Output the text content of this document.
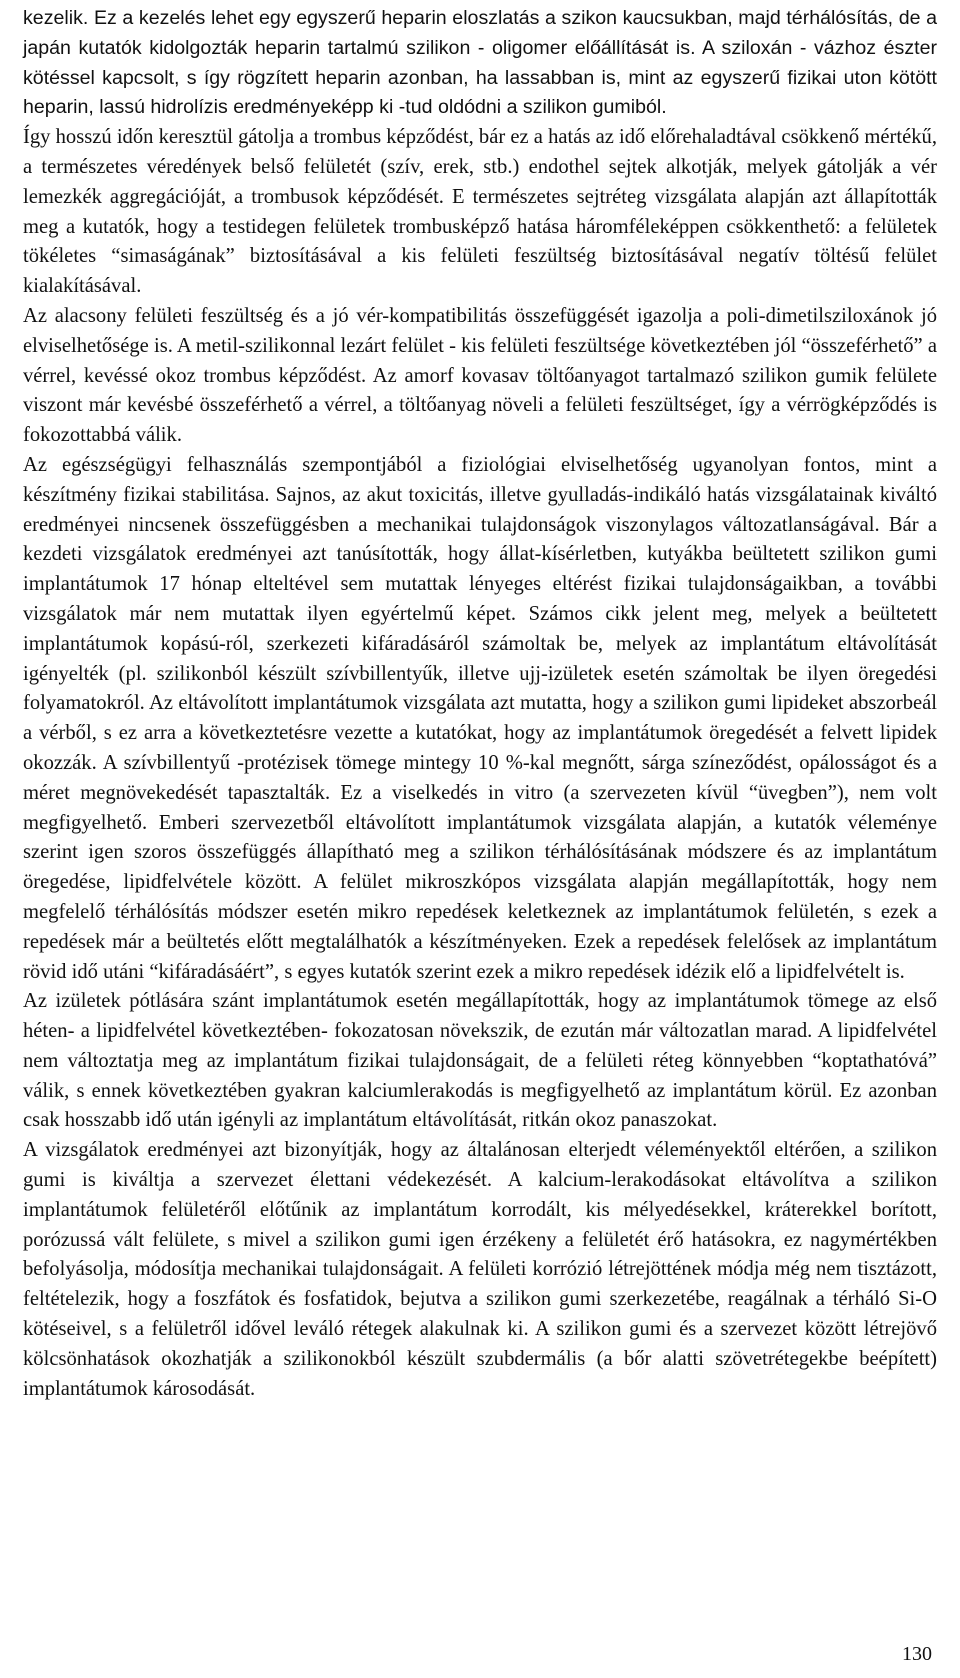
kezelik. Ez a kezelés lehet egy egyszerű heparin eloszlatás a szikon kaucsukban, majd térhálósítás, de a japán kutatók kidolgozták heparin tartalmú szilikon - oligomer előállítását is. A sziloxán - vázhoz észter kötéssel kapcsolt, s így rögzített heparin azonban, ha lassabban is, mint az egyszerű fizikai uton kötött heparin, lassú hidrolízis eredményeképp ki -tud oldódni a szilikon gumiból.

Így hosszú időn keresztül gátolja a trombus képződést, bár ez a hatás az idő előrehaladtával csökkenő mértékű, a természetes véredények belső felületét (szív, erek, stb.) endothel sejtek alkotják, melyek gátolják a vér lemezkék aggregációját, a trombusok képződését. E természetes sejtréteg vizsgálata alapján azt állapították meg a kutatók, hogy a testidegen felületek trombusképző hatása háromféleképpen csökkenthető: a felületek tökéletes “simaságának” biztosításával a kis felületi feszültség biztosításával negatív töltésű felület kialakításával.

Az alacsony felületi feszültség és a jó vér-kompatibilitás összefüggését igazolja a poli-dimetilsziloxánok jó elviselhetősége is. A metil-szilikonnal lezárt felület - kis felületi feszültsége következtében jól “összeférhető” a vérrel, kevéssé okoz trombus képződést. Az amorf kovasav töltőanyagot tartalmazó szilikon gumik felülete viszont már kevésbé összeférhető a vérrel, a töltőanyag növeli a felületi feszültséget, így a vérrögképződés is fokozottabbá válik.

Az egészségügyi felhasználás szempontjából a fiziológiai elviselhetőség ugyanolyan fontos, mint a készítmény fizikai stabilitása. Sajnos, az akut toxicitás, illetve gyulladás-indikáló hatás vizsgálatainak kiváltó eredményei nincsenek összefüggésben a mechanikai tulajdonságok viszonylagos változatlanságával. Bár a kezdeti vizsgálatok eredményei azt tanúsították, hogy állat-kísérletben, kutyákba beültetett szilikon gumi implantátumok 17 hónap elteltével sem mutattak lényeges eltérést fizikai tulajdonságaikban, a további vizsgálatok már nem mutattak ilyen egyértelmű képet. Számos cikk jelent meg, melyek a beültetett implantátumok kopású-ról, szerkezeti kifáradásáról számoltak be, melyek az implantátum eltávolítását igényelték (pl. szilikonból készült szívbillentyűk, illetve ujj-izületek esetén számoltak be ilyen öregedési folyamatokról. Az eltávolított implantátumok vizsgálata azt mutatta, hogy a szilikon gumi lipideket abszorbeál a vérből, s ez arra a következtetésre vezette a kutatókat, hogy az implantátumok öregedését a felvett lipidek okozzák. A szívbillentyű -protézisek tömege mintegy 10 %-kal megnőtt, sárga színeződést, opálosságot és a méret megnövekedését tapasztalták. Ez a viselkedés in vitro (a szervezeten kívül “üvegben”), nem volt megfigyelhető. Emberi szervezetből eltávolított implantátumok vizsgálata alapján, a kutatók véleménye szerint igen szoros összefüggés állapítható meg a szilikon térhálósításának módszere és az implantátum öregedése, lipidfelvétele között. A felület mikroszkópos vizsgálata alapján megállapították, hogy nem megfelelő térhálósítás módszer esetén mikro repedések keletkeznek az implantátumok felületén, s ezek a repedések már a beültetés előtt megtalálhatók a készítményeken. Ezek a repedések felelősek az implantátum rövid idő utáni “kifáradásáért”, s egyes kutatók szerint ezek a mikro repedések idézik elő a lipidfelvételt is.

Az izületek pótlására szánt implantátumok esetén megállapították, hogy az implantátumok tömege az első héten- a lipidfelvétel következtében- fokozatosan növekszik, de ezután már változatlan marad. A lipidfelvétel nem változtatja meg az implantátum fizikai tulajdonságait, de a felületi réteg könnyebben “koptathatóvá” válik, s ennek következtében gyakran kalciumlerakodás is megfigyelhető az implantátum körül. Ez azonban csak hosszabb idő után igényli az implantátum eltávolítását, ritkán okoz panaszokat.

A vizsgálatok eredményei azt bizonyítják, hogy az általánosan elterjedt véleményektől eltérően, a szilikon gumi is kiváltja a szervezet élettani védekezését. A kalcium-lerakodásokat eltávolítva a szilikon implantátumok felületéről előtűnik az implantátum korrodált, kis mélyedésekkel, kráterekkel borított, porózussá vált felülete, s mivel a szilikon gumi igen érzékeny a felületét érő hatásokra, ez nagymértékben befolyásolja, módosítja mechanikai tulajdonságait. A felületi korrózió létrejöttének módja még nem tisztázott, feltételezik, hogy a foszfátok és fosfatidok, bejutva a szilikon gumi szerkezetébe, reagálnak a térháló Si-O kötéseivel, s a felületről idővel leváló rétegek alakulnak ki. A szilikon gumi és a szervezet között létrejövő kölcsönhatások okozhatják a szilikonokból készült szubdermális (a bőr alatti szövetrétegekbe beépített) implantátumok károsodását.

130
